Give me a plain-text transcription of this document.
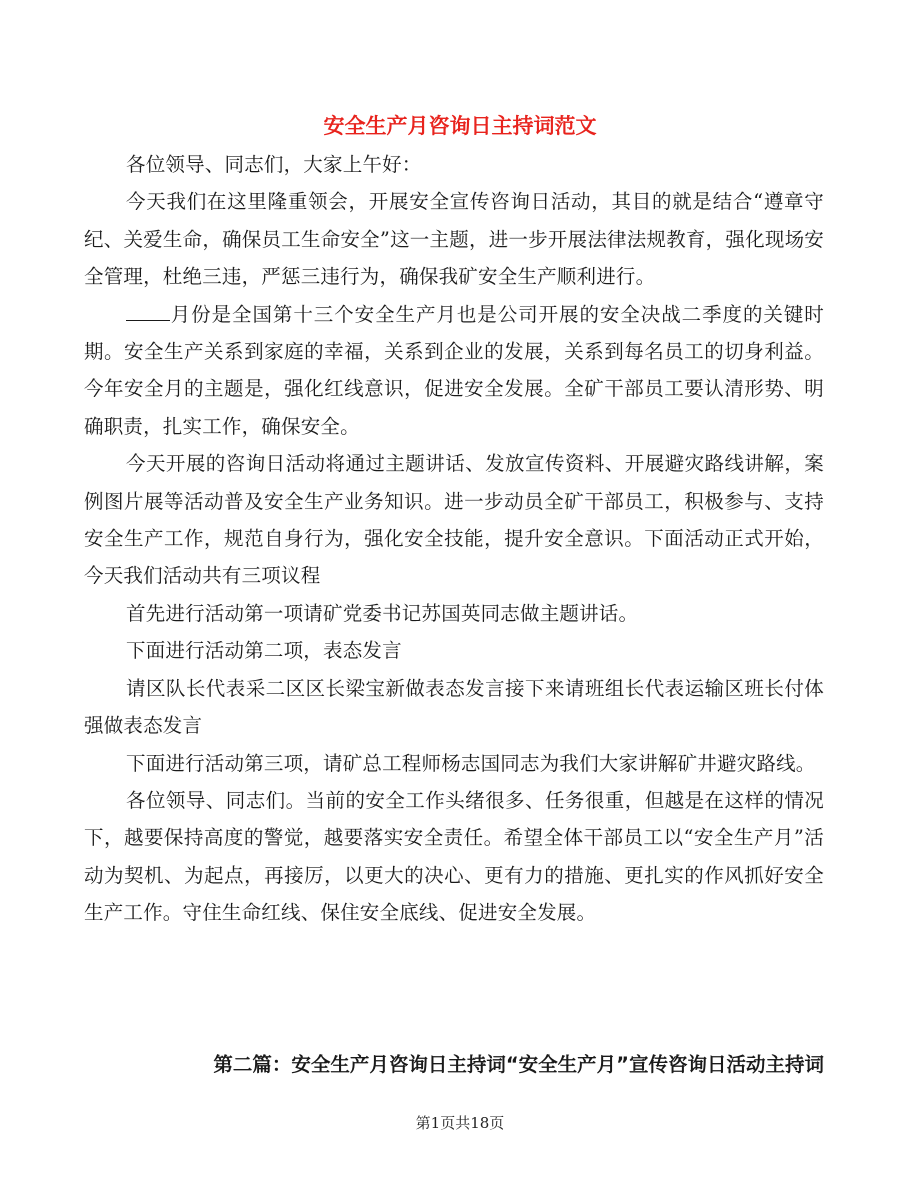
安全生产月咨询日主持词范文

各位领导、同志们，大家上午好：

今天我们在这里隆重领会，开展安全宣传咨询日活动，其目的就是结合“遵章守纪、关爱生命，确保员工生命安全”这一主题，进一步开展法律法规教育，强化现场安全管理，杜绝三违，严惩三违行为，确保我矿安全生产顺利进行。

月份是全国第十三个安全生产月也是公司开展的安全决战二季度的关键时期。安全生产关系到家庭的幸福，关系到企业的发展，关系到每名员工的切身利益。今年安全月的主题是，强化红线意识，促进安全发展。全矿干部员工要认清形势、明确职责，扎实工作，确保安全。

今天开展的咨询日活动将通过主题讲话、发放宣传资料、开展避灾路线讲解，案例图片展等活动普及安全生产业务知识。进一步动员全矿干部员工，积极参与、支持安全生产工作，规范自身行为，强化安全技能，提升安全意识。下面活动正式开始，今天我们活动共有三项议程

首先进行活动第一项请矿党委书记苏国英同志做主题讲话。

下面进行活动第二项，表态发言

请区队长代表采二区区长梁宝新做表态发言接下来请班组长代表运输区班长付体强做表态发言

下面进行活动第三项，请矿总工程师杨志国同志为我们大家讲解矿井避灾路线。

各位领导、同志们。当前的安全工作头绪很多、任务很重，但越是在这样的情况下，越要保持高度的警觉，越要落实安全责任。希望全体干部员工以“安全生产月”活动为契机、为起点，再接厉，以更大的决心、更有力的措施、更扎实的作风抓好安全生产工作。守住生命红线、保住安全底线、促进安全发展。

第二篇：安全生产月咨询日主持词“安全生产月”宣传咨询日活动主持词
第1页共18页
